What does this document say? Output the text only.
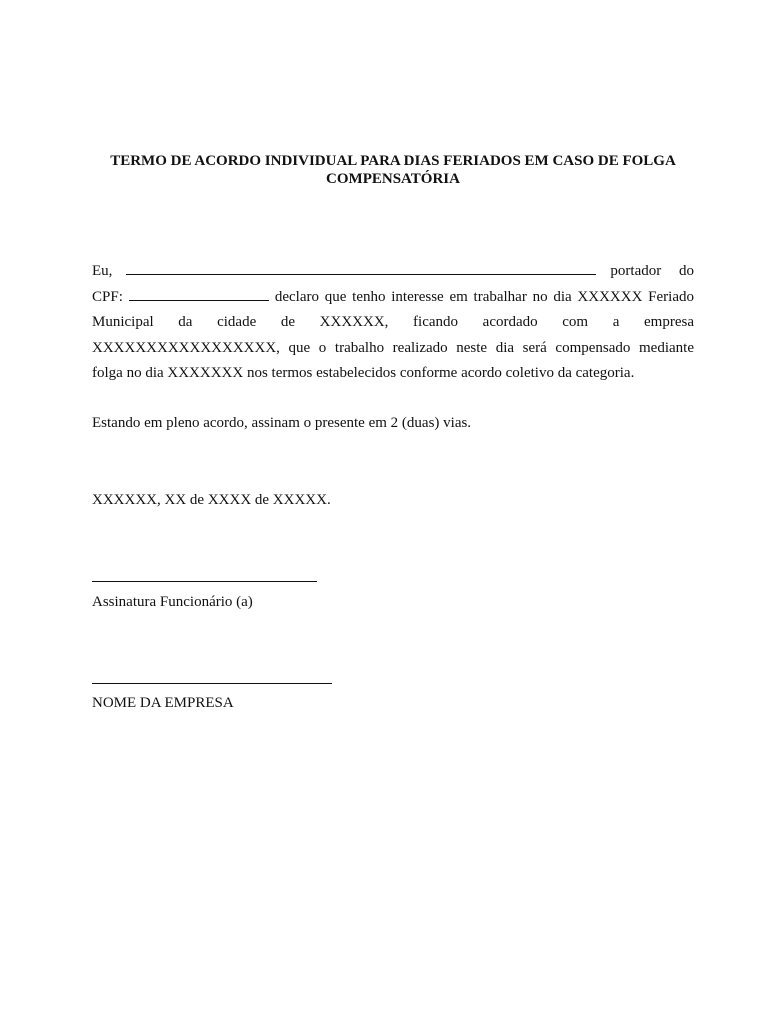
TERMO DE ACORDO INDIVIDUAL PARA DIAS FERIADOS EM CASO DE FOLGA
COMPENSATÓRIA
Eu,	portador do
CPF:	declaro que tenho interesse em trabalhar no dia XXXXXX Feriado
Municipal da cidade de XXXXXX, ficando acordado com a empresa
XXXXXXXXXXXXXXXXX, que o trabalho realizado neste dia será compensado mediante
folga no dia XXXXXXX nos termos estabelecidos conforme acordo coletivo da categoria.

Estando em pleno acordo, assinam o presente em 2 (duas) vias.

XXXXXX, XX de XXXX de XXXXX.

Assinatura Funcionário (a)

NOME DA EMPRESA
